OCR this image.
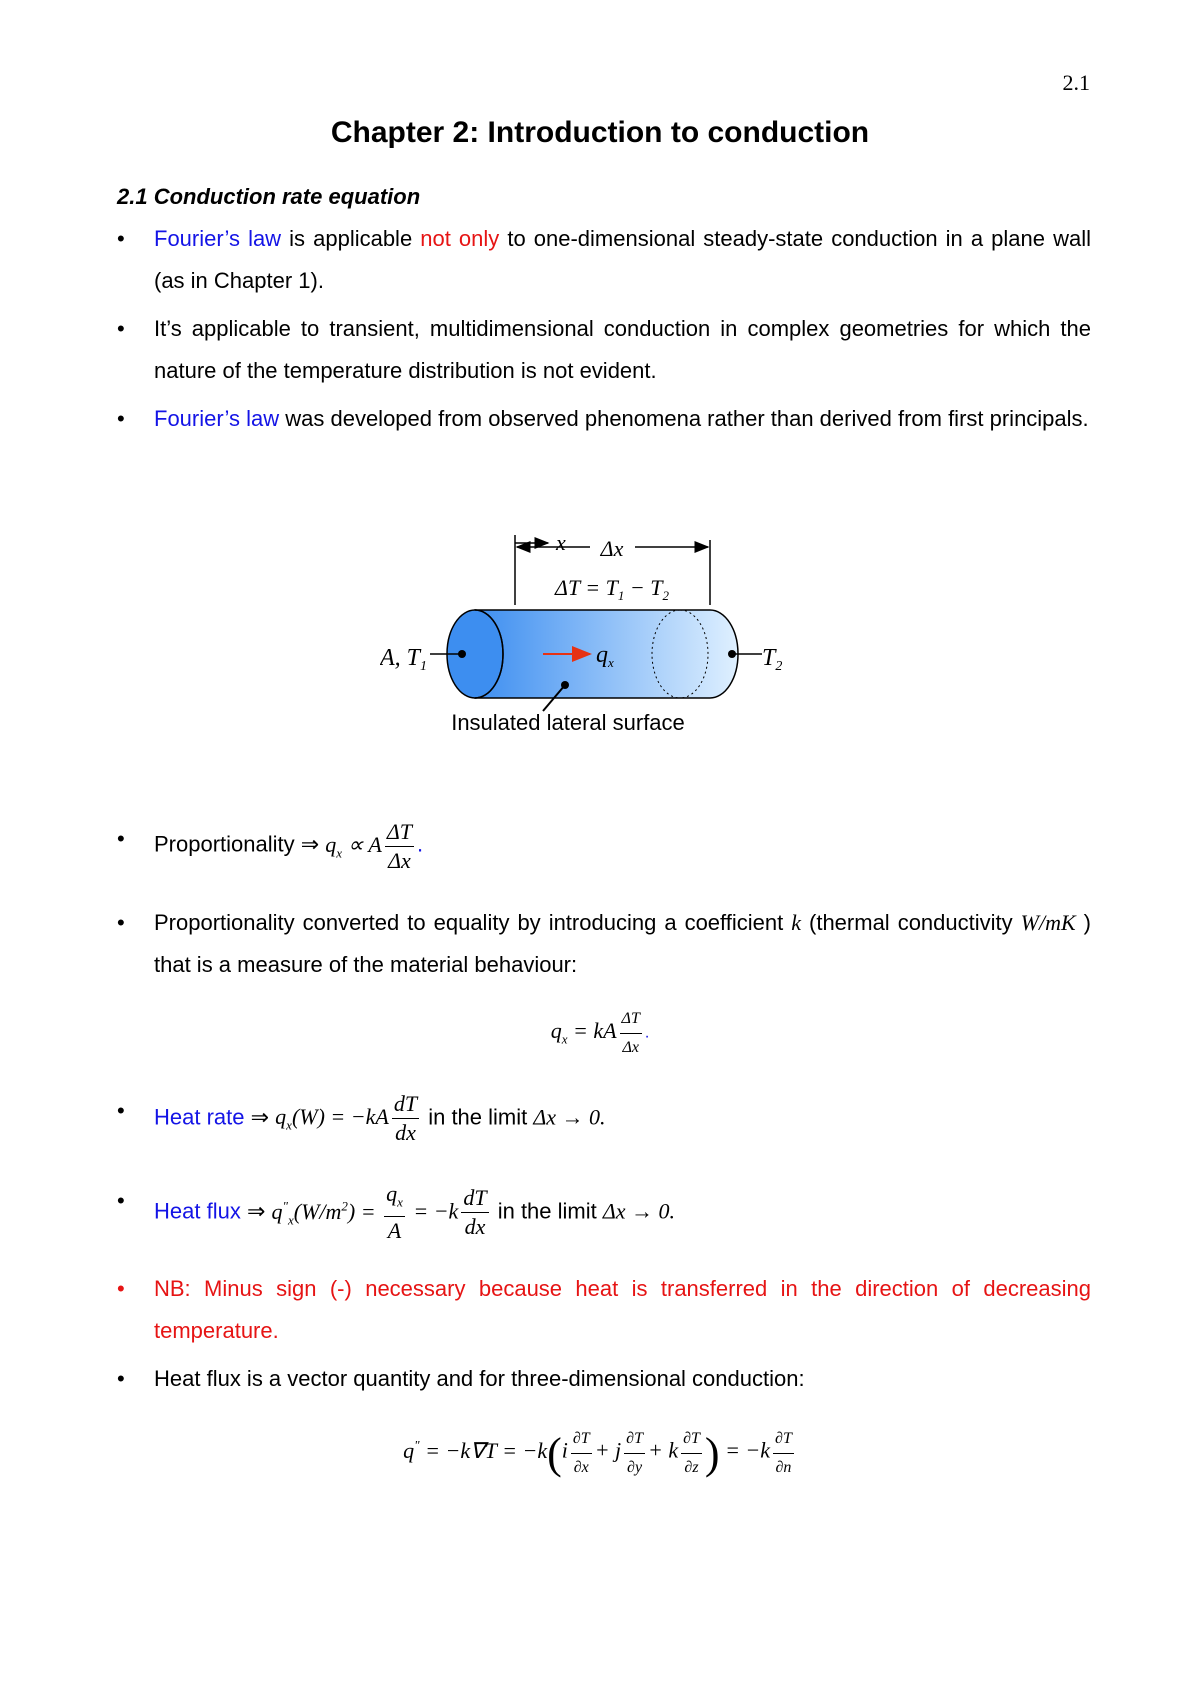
2.1
Chapter 2: Introduction to conduction
2.1 Conduction rate equation
• Fourier’s law is applicable not only to one-dimensional steady-state conduction in a plane wall (as in Chapter 1).
• It’s applicable to transient, multidimensional conduction in complex geometries for which the nature of the temperature distribution is not evident.
• Fourier’s law was developed from observed phenomena rather than derived from first principals.
x Δx
$\Delta T = T_1 - T_2$
A, $T_1$	$T_2$
$q_x$
Insulated lateral surface
• Proportionality ⇒ $q_x \propto A \frac{\Delta T}{\Delta x}$ .
• Proportionality converted to equality by introducing a coefficient k (thermal conductivity W/mK ) that is a measure of the material behaviour:
$q_x$ = kA $\frac{\Delta T}{\Delta x}$ .
• Heat rate ⇒ $q_x(W) = -kA \frac{dT}{dx}$ in the limit Δx → 0.
• Heat flux ⇒ $q^"_x(W/m^2) = \frac{q_x}{A} = -k \frac{dT}{dx}$ in the limit Δx → 0.
• NB: Minus sign (-) necessary because heat is transferred in the direction of decreasing temperature.
• Heat flux is a vector quantity and for three-dimensional conduction:
$q^" = -k\nabla T = -k(i \frac{\partial T}{\partial x} + j \frac{\partial T}{\partial y} + k \frac{\partial T}{\partial z}$ ) = $-k \frac{\partial T}{\partial n}$
